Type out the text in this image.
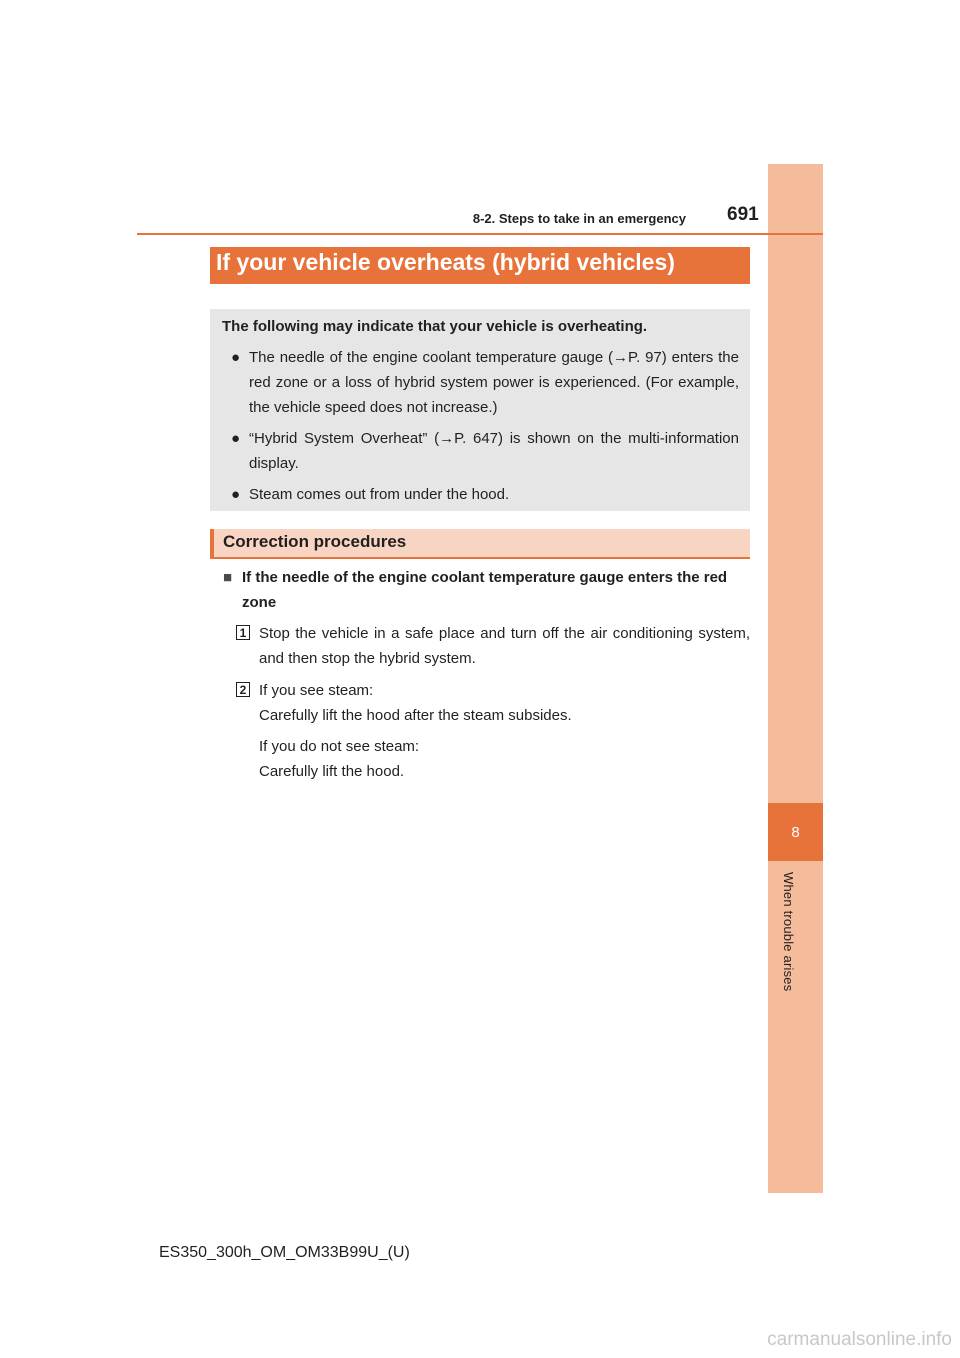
8
When trouble arises
8-2. Steps to take in an emergency 691
If your vehicle overheats (hybrid vehicles)

The following may indicate that your vehicle is overheating.

● The needle of the engine coolant temperature gauge (→P. 97) enters the red zone or a loss of hybrid system power is experienced. (For example, the vehicle speed does not increase.)
● “Hybrid System Overheat” (→P. 647) is shown on the multi-information display.
● Steam comes out from under the hood.
Correction procedures
■ If the needle of the engine coolant temperature gauge enters the red
zone
1 Stop the vehicle in a safe place and turn off the air conditioning system, and then stop the hybrid system.

2 If you see steam:

Carefully lift the hood after the steam subsides.

If you do not see steam:
Carefully lift the hood.
ES350_300h_OM_OM33B99U_(U)
carmanualsonline.info
